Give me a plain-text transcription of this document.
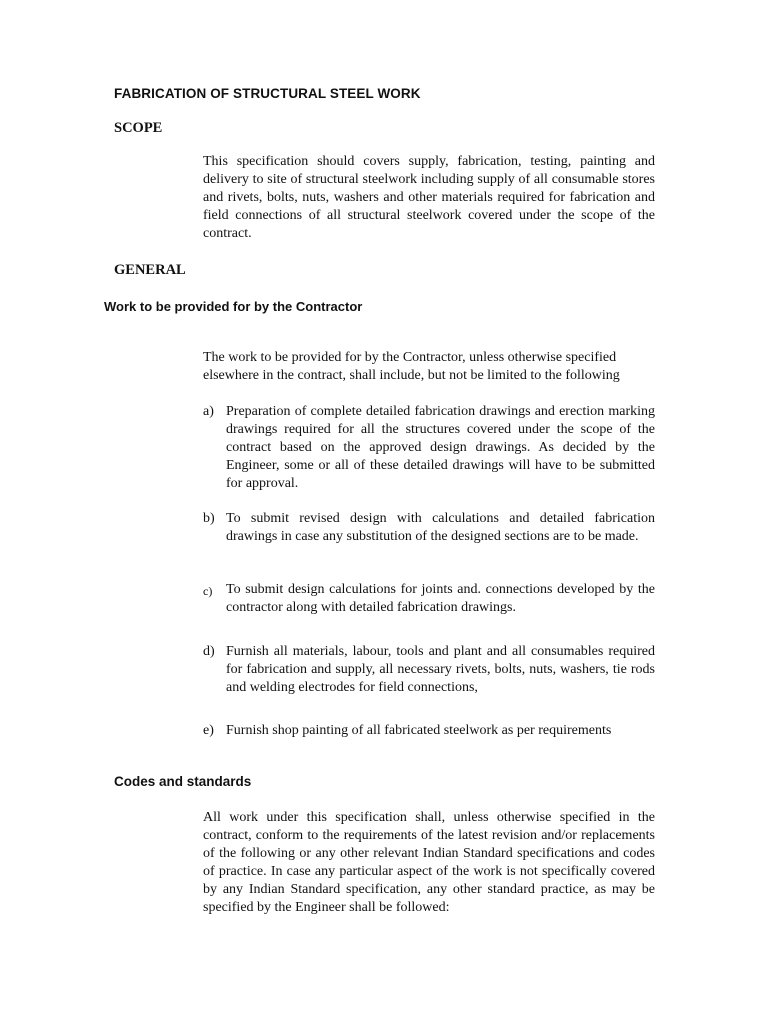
FABRICATION OF STRUCTURAL STEEL WORK
SCOPE

This specification should covers supply, fabrication, testing, painting and delivery to site of structural steelwork including supply of all consumable stores and rivets, bolts, nuts, washers and other materials required for fabrication and field connections of all structural steelwork covered under the scope of the contract.

GENERAL
Work to be provided for by the Contractor

The work to be provided for by the Contractor, unless otherwise specified elsewhere in the contract, shall include, but not be limited to the following

a) Preparation of complete detailed fabrication drawings and erection marking drawings required for all the structures covered under the scope of the contract based on the approved design drawings. As decided by the Engineer, some or all of these detailed drawings will have to be submitted for approval.
b) To submit revised design with calculations and detailed fabrication drawings in case any substitution of the designed sections are to be made.
c) To submit design calculations for joints and. connections developed by the contractor along with detailed fabrication drawings.
d) Furnish all materials, labour, tools and plant and all consumables required for fabrication and supply, all necessary rivets, bolts, nuts, washers, tie rods and welding electrodes for field connections,
e) Furnish shop painting of all fabricated steelwork as per requirements
Codes and standards

All work under this specification shall, unless otherwise specified in the contract, conform to the requirements of the latest revision and/or replacements of the following or any other relevant Indian Standard specifications and codes of practice. In case any particular aspect of the work is not specifically covered by any Indian Standard specification, any other standard practice, as may be specified by the Engineer shall be followed:
